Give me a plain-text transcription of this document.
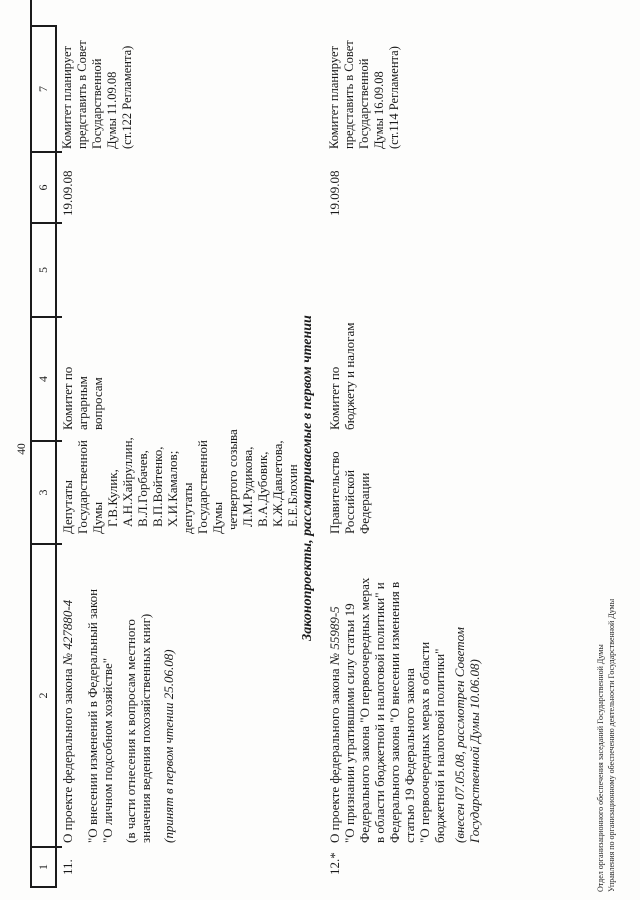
40
1
2
3
4
5
6
7
11.
О проекте федерального закона № 427880-4 "О внесении изменений в Федеральный закон "О личном подсобном хозяйстве" (в части отнесения к вопросам местного значения ведения похозяйственных книг) (принят в первом чтении 25.06.08)
Депутаты Государственной Думы Г.В.Кулик, А.Н.Хайруллин, В.Л.Горбачев, В.П.Войтенко, Х.И.Камалов; депутаты Государственной Думы четвертого созыва Л.М.Рудикова, В.А.Дубовик, К.Ж.Давлетова, Е.Е.Блохин
Комитет по аграрным вопросам
19.09.08
Комитет планирует представить в Совет Государственной Думы 11.09.08 (ст.122 Регламента)
Законопроекты, рассматриваемые в первом чтении
12.*
О проекте федерального закона № 55989-5 "О признании утратившими силу статьи 19 Федерального закона "О первоочередных мерах в области бюджетной и налоговой политики" и Федерального закона "О внесении изменения в статью 19 Федерального закона "О первоочередных мерах в области бюджетной и налоговой политики" (внесен 07.05.08, рассмотрен Советом Государственной Думы 10.06.08)
Правительство Российской Федерации
Комитет по бюджету и налогам
19.09.08
Комитет планирует представить в Совет Государственной Думы 16.09.08 (ст.114 Регламента)
Отдел организационного обеспечения заседаний Государственной Думы Управления по организационному обеспечению деятельности Государственной Думы
